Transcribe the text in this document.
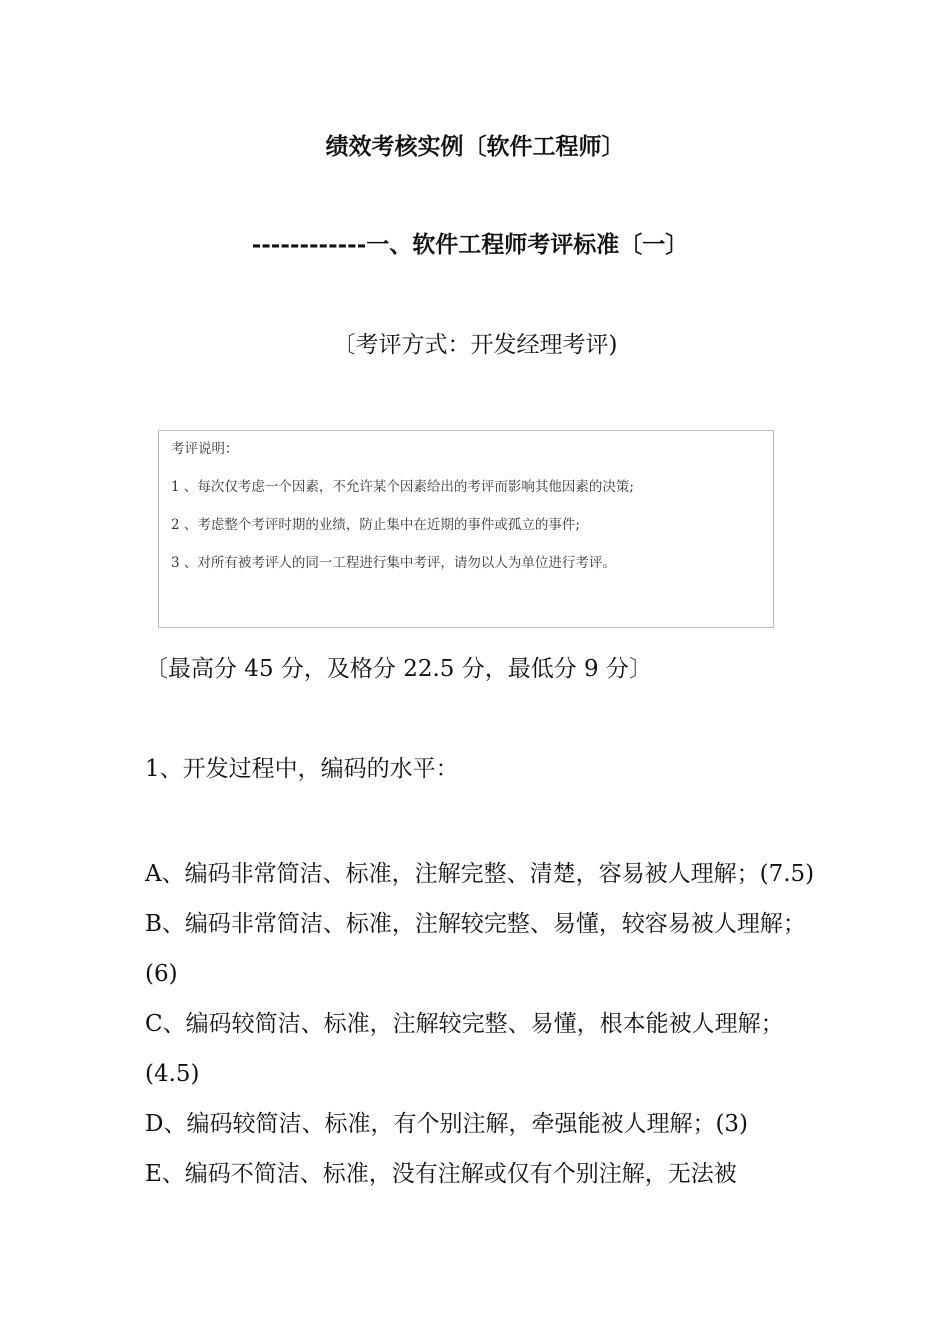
绩效考核实例〔软件工程师〕
------------一、软件工程师考评标准〔一〕
〔考评方式：开发经理考评)

考评说明：

1 、每次仅考虑一个因素，不允许某个因素给出的考评而影响其他因素的决策;

2 、考虑整个考评时期的业绩，防止集中在近期的事件或孤立的事件;

3 、对所有被考评人的同一工程进行集中考评，请勿以人为单位进行考评。

〔最高分 45 分，及格分 22.5 分，最低分 9 分〕
1、开发过程中，编码的水平：

A、编码非常简洁、标准，注解完整、清楚，容易被人理解；(7.5)

B、编码非常简洁、标准，注解较完整、易懂，较容易被人理解；(6)

C、编码较简洁、标准，注解较完整、易懂，根本能被人理解；(4.5)

D、编码较简洁、标准，有个别注解，牵强能被人理解；(3)

E、编码不简洁、标准，没有注解或仅有个别注解，无法被
